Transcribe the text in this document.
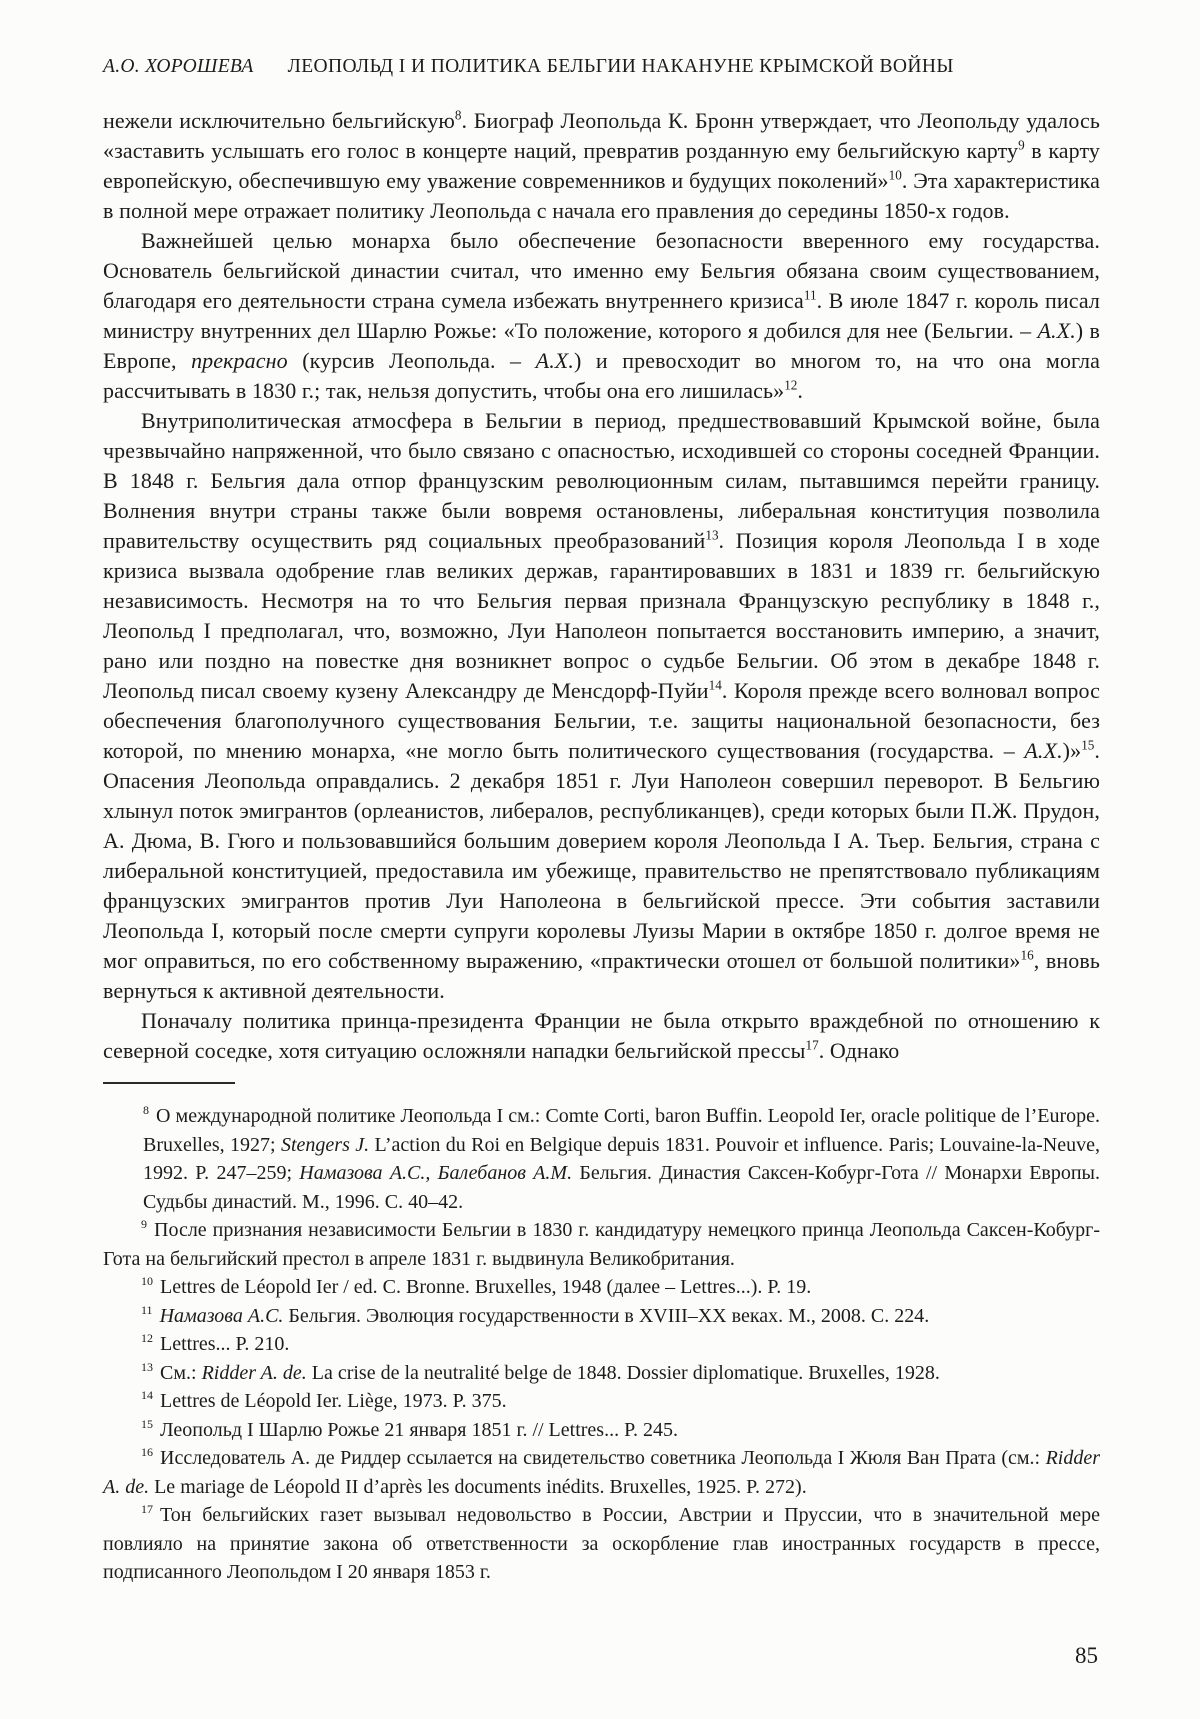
А.О. ХОРОШЕВА ЛЕОПОЛЬД I И ПОЛИТИКА БЕЛЬГИИ НАКАНУНЕ КРЫМСКОЙ ВОЙНЫ

нежели исключительно бельгийскую$^8$. Биограф Леопольда К. Бронн утверждает, что Леопольду удалось «заставить услышать его голос в концерте наций, превратив розданную ему бельгийскую карту$^9$ в карту европейскую, обеспечившую ему уважение современников и будущих поколений»$^{10}$. Эта характеристика в полной мере отражает политику Леопольда с начала его правления до середины 1850-х годов.

Важнейшей целью монарха было обеспечение безопасности вверенного ему государства. Основатель бельгийской династии считал, что именно ему Бельгия обязана своим существованием, благодаря его деятельности страна сумела избежать внутреннего кризиса$^{11}$. В июле 1847 г. король писал министру внутренних дел Шарлю Рожье: «То положение, которого я добился для нее (Бельгии. – А.Х.) в Европе, прекрасно (курсив Леопольда. – А.Х.) и превосходит во многом то, на что она могла рассчитывать в 1830 г.; так, нельзя допустить, чтобы она его лишилась»$^{12}$.

Внутриполитическая атмосфера в Бельгии в период, предшествовавший Крымской войне, была чрезвычайно напряженной, что было связано с опасностью, исходившей со стороны соседней Франции. В 1848 г. Бельгия дала отпор французским революционным силам, пытавшимся перейти границу. Волнения внутри страны также были вовремя остановлены, либеральная конституция позволила правительству осуществить ряд социальных преобразований$^{13}$. Позиция короля Леопольда I в ходе кризиса вызвала одобрение глав великих держав, гарантировавших в 1831 и 1839 гг. бельгийскую независимость. Несмотря на то что Бельгия первая признала Французскую республику в 1848 г., Леопольд I предполагал, что, возможно, Луи Наполеон попытается восстановить империю, а значит, рано или поздно на повестке дня возникнет вопрос о судьбе Бельгии. Об этом в декабре 1848 г. Леопольд писал своему кузену Александру де Менсдорф-Пуйи$^{14}$. Короля прежде всего волновал вопрос обеспечения благополучного существования Бельгии, т.е. защиты национальной безопасности, без которой, по мнению монарха, «не могло быть политического существования (государства. – А.Х.)»$^{15}$. Опасения Леопольда оправдались. 2 декабря 1851 г. Луи Наполеон совершил переворот. В Бельгию хлынул поток эмигрантов (орлеанистов, либералов, республиканцев), среди которых были П.Ж. Прудон, А. Дюма, В. Гюго и пользовавшийся большим доверием короля Леопольда I А. Тьер. Бельгия, страна с либеральной конституцией, предоставила им убежище, правительство не препятствовало публикациям французских эмигрантов против Луи Наполеона в бельгийской прессе. Эти события заставили Леопольда I, который после смерти супруги королевы Луизы Марии в октябре 1850 г. долгое время не мог оправиться, по его собственному выражению, «практически отошел от большой политики»$^{16}$, вновь вернуться к активной деятельности.

Поначалу политика принца-президента Франции не была открыто враждебной по отношению к северной соседке, хотя ситуацию осложняли нападки бельгийской прессы$^{17}$. Однако

$^8$ О международной политике Леопольда I см.: Comte Corti, baron Buffin. Leopold Ier, oracle politique de l’Europe. Bruxelles, 1927; Stengers J. L’action du Roi en Belgique depuis 1831. Pouvoir et influence. Paris; Louvaine-la-Neuve, 1992. P. 247–259; Намазова А.С., Балебанов А.М. Бельгия. Династия Саксен-Кобург-Гота // Монархи Европы. Судьбы династий. М., 1996. С. 40–42.

$^9$ После признания независимости Бельгии в 1830 г. кандидатуру немецкого принца Леопольда Саксен-Кобург-Гота на бельгийский престол в апреле 1831 г. выдвинула Великобритания.

$^{10}$ Lettres de Léopold Ier / ed. C. Bronne. Bruxelles, 1948 (далее – Lettres...). P. 19.

$^{11}$ Намазова А.С. Бельгия. Эволюция государственности в XVIII–XX веках. М., 2008. С. 224.

$^{12}$ Lettres... P. 210.

$^{13}$ См.: Ridder A. de. La crise de la neutralité belge de 1848. Dossier diplomatique. Bruxelles, 1928.

$^{14}$ Lettres de Léopold Ier. Liège, 1973. P. 375.

$^{15}$ Леопольд I Шарлю Рожье 21 января 1851 г. // Lettres... P. 245.

$^{16}$ Исследователь А. де Риддер ссылается на свидетельство советника Леопольда I Жюля Ван Прата (см.: Ridder A. de. Le mariage de Léopold II d’après les documents inédits. Bruxelles, 1925. P. 272).

$^{17}$ Тон бельгийских газет вызывал недовольство в России, Австрии и Пруссии, что в значительной мере повлияло на принятие закона об ответственности за оскорбление глав иностранных государств в прессе, подписанного Леопольдом I 20 января 1853 г.

85
